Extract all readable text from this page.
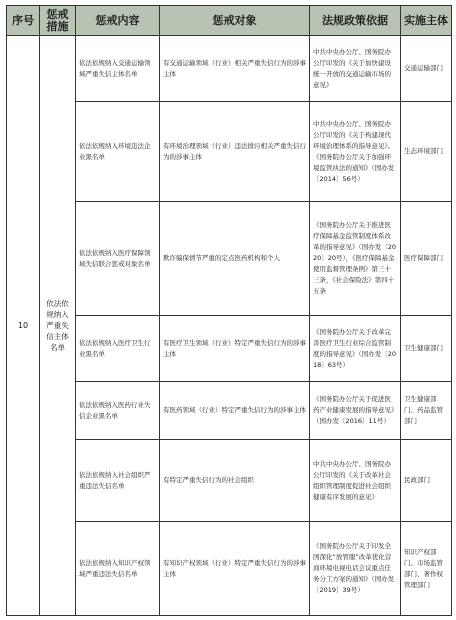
序号	惩戒措施	惩戒内容	惩戒对象	法规政策依据	实施主体
10	依法依规纳入严重失信主体名单	依法依规纳入交通运输领域严重失信主体名单	有交通运输领域（行业）相关严重失信行为的涉事主体	中共中央办公厅、国务院办公厅印发的《关于加快建设统一开放的交通运输市场的意见》	交通运输部门
		依法依规纳入环境违法企业黑名单	有环境治理领域（行业）违法排污相关严重失信行为的涉事主体	中共中央办公厅、国务院办公厅印发的《关于构建现代环境治理体系的指导意见》。《国务院办公厅关于加强环境监管执法的通知》（国办发〔2014〕56号）	生态环境部门
		依法依规纳入医疗保障领域失信联合惩戒对象名单	欺诈骗保情节严重的定点医药机构和个人	《国务院办公厅关于推进医疗保障基金监管制度体系改革的指导意见》（国办发〔2020〕20号），《医疗保障基金使用监督管理条例》第三十三条，《社会保险法》第四十五条	医疗保障部门
		依法依规纳入医疗卫生行业黑名单	有医疗卫生领域（行业）特定严重失信行为的涉事主体	《国务院办公厅关于改革完善医疗卫生行业综合监管制度的指导意见》（国办发〔2018〕63号）	卫生健康部门
		依法依规纳入医药行业失信企业黑名单	有医药领域（行业）特定严重失信行为的涉事主体	《国务院办公厅关于促进医药产业健康发展的指导意见》（国办发〔2016〕11号）	卫生健康部门、药品监管部门
		依法依规纳入社会组织严重违法失信名单	有特定严重失信行为的社会组织	中共中央办公厅、国务院办公厅印发的《关于改革社会组织管理制度促进社会组织健康有序发展的意见》	民政部门
		依法依规纳入知识产权领域严重违法失信名单	有知识产权领域（行业）特定严重失信行为的涉事主体	《国务院办公厅关于印发全国深化“放管服”改革优化营商环境电视电话会议重点任务分工方案的通知》（国办发〔2019〕39号）	知识产权部门、市场监管部门、著作权管理部门
